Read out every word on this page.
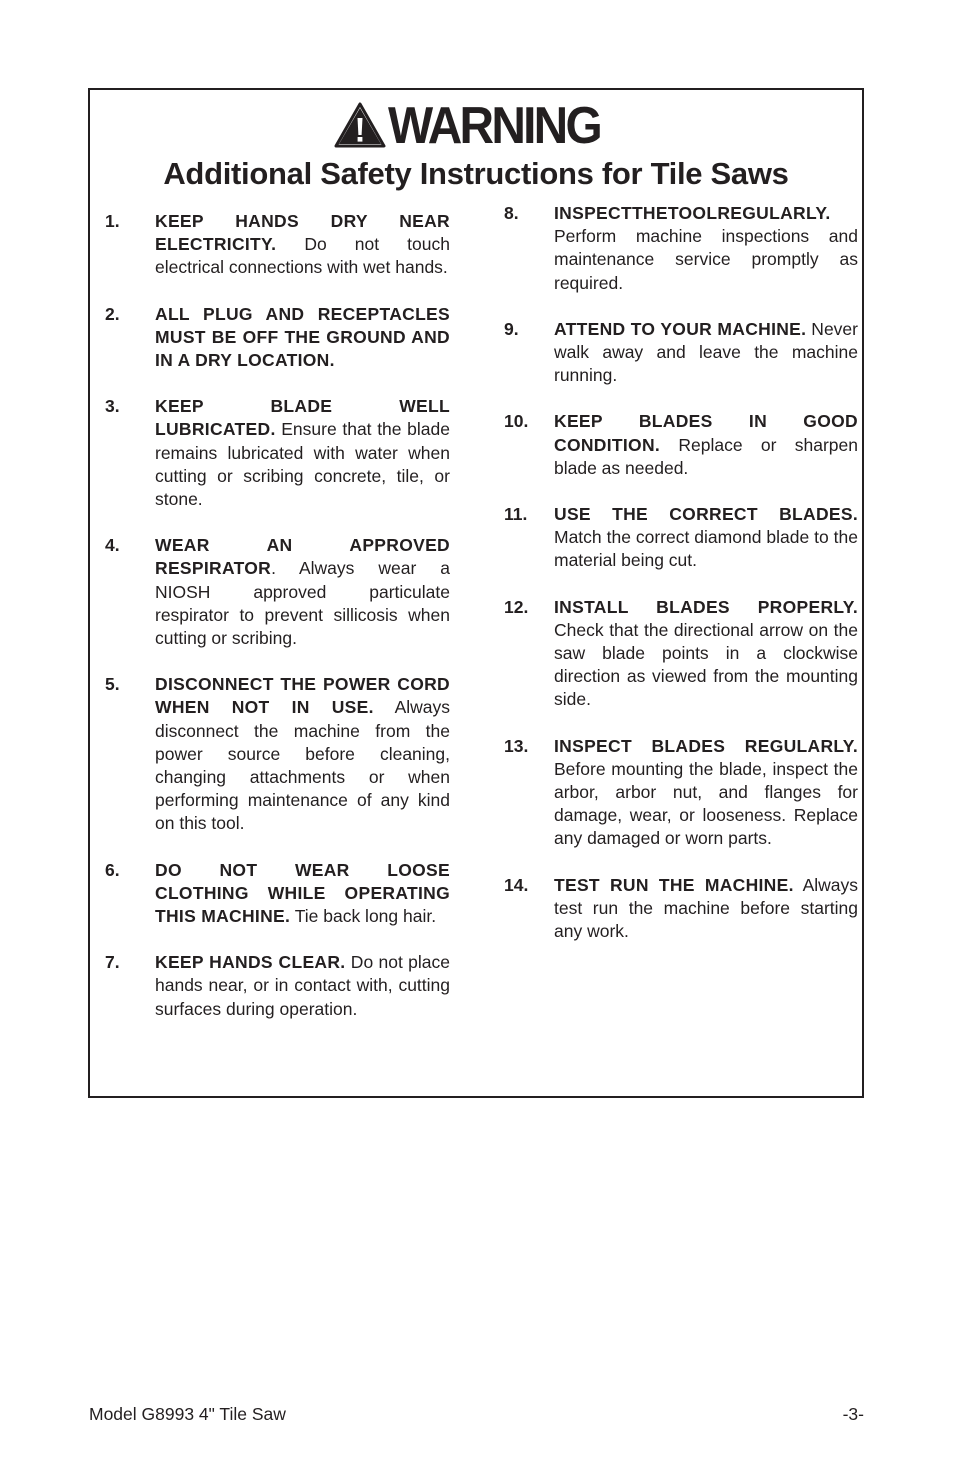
WARNING
Additional Safety Instructions for Tile Saws
1.	KEEP HANDS DRY NEAR ELECTRICITY. Do not touch electrical connections with wet hands.
2.	ALL PLUG AND RECEPTACLES MUST BE OFF THE GROUND AND IN A DRY LOCATION.
3.	KEEP BLADE WELL LUBRICATED. Ensure that the blade remains lubricated with water when cutting or scribing concrete, tile, or stone.
4.	WEAR AN APPROVED RESPIRATOR. Always wear a NIOSH approved particulate respirator to prevent sillicosis when cutting or scribing.
5.	DISCONNECT THE POWER CORD WHEN NOT IN USE. Always disconnect the machine from the power source before cleaning, changing attachments or when performing maintenance of any kind on this tool.
6.	DO NOT WEAR LOOSE CLOTHING WHILE OPERATING THIS MACHINE. Tie back long hair.
7.	KEEP HANDS CLEAR. Do not place hands near, or in contact with, cutting surfaces during operation.
8.	INSPECTTHETOOLREGULARLY. Perform machine inspections and maintenance service promptly as required.
9.	ATTEND TO YOUR MACHINE. Never walk away and leave the machine running.
10.	KEEP BLADES IN GOOD CONDITION. Replace or sharpen blade as needed.
11.	USE THE CORRECT BLADES. Match the correct diamond blade to the material being cut.
12.	INSTALL BLADES PROPERLY. Check that the directional arrow on the saw blade points in a clockwise direction as viewed from the mounting side.
13.	INSPECT BLADES REGULARLY. Before mounting the blade, inspect the arbor, arbor nut, and flanges for damage, wear, or looseness. Replace any damaged or worn parts.
14.	TEST RUN THE MACHINE. Always test run the machine before starting any work.
Model G8993 4" Tile Saw	-3-
